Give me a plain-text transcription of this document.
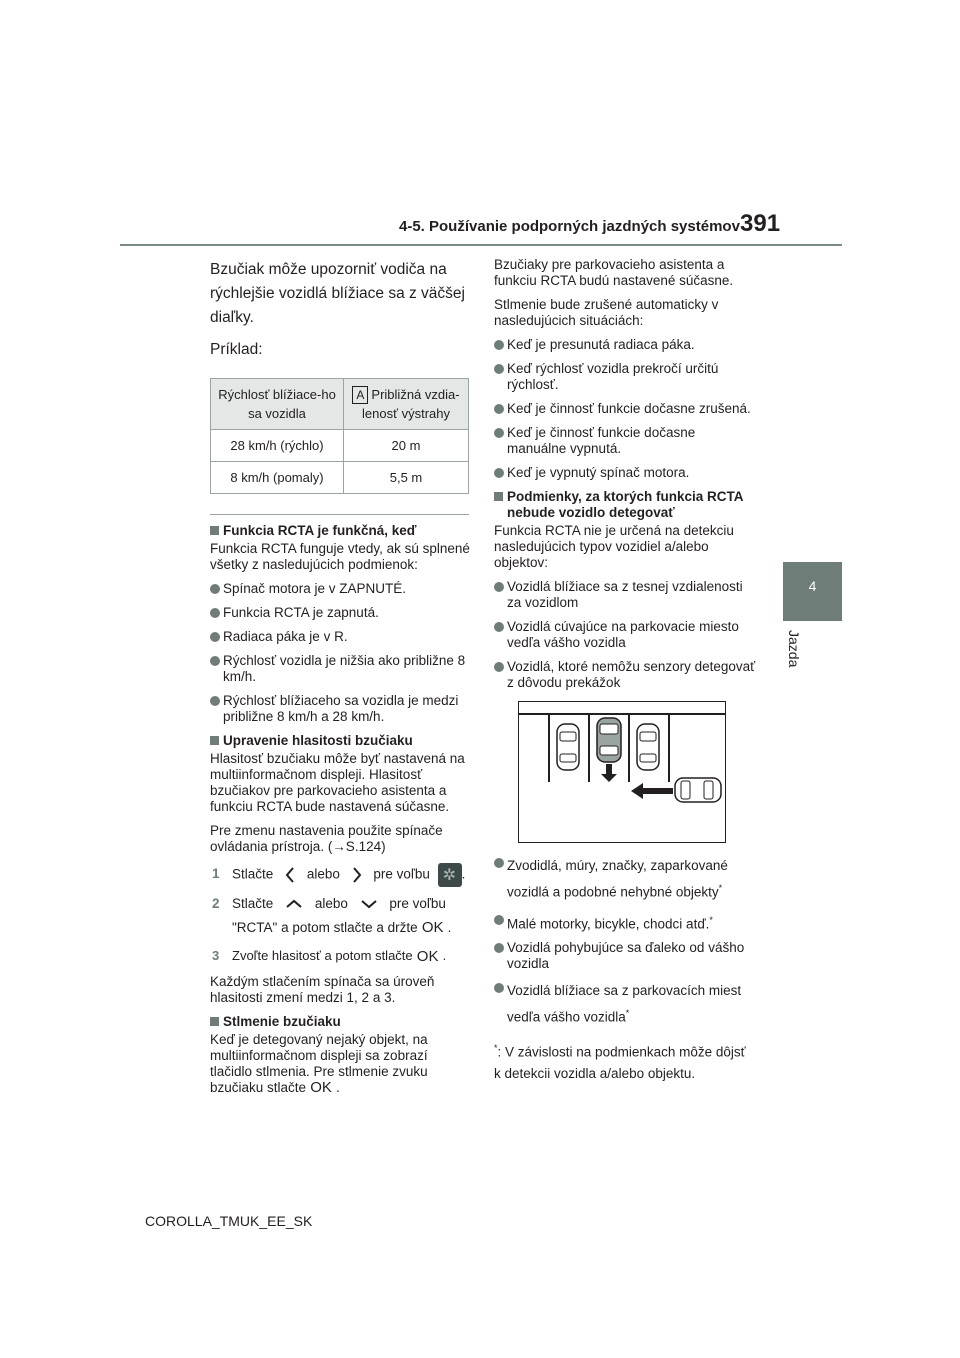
4-5. Používanie podporných jazdných systémov 391
4
Jazda

Bzučiak môže upozorniť vodiča na rýchlejšie vozidlá blížiace sa z väčšej diaľky.

Príklad:

Rýchlosť blížiace-ho sa vozidla	A Približná vzdia-lenosť výstrahy
28 km/h (rýchlo)	20 m
8 km/h (pomaly)	5,5 m

Funkcia RCTA je funkčná, keď

Funkcia RCTA funguje vtedy, ak sú splnené všetky z nasledujúcich podmienok:

Spínač motora je v ZAPNUTÉ.

Funkcia RCTA je zapnutá.

Radiaca páka je v R.

Rýchlosť vozidla je nižšia ako približne 8 km/h.

Rýchlosť blížiaceho sa vozidla je medzi približne 8 km/h a 28 km/h.

Upravenie hlasitosti bzučiaku

Hlasitosť bzučiaku môže byť nastavená na multiinformačnom displeji. Hlasitosť bzučiakov pre parkovacieho asistenta a funkciu RCTA bude nastavená súčasne.

Pre zmenu nastavenia použite spínače ovládania prístroja. (→S.124)

1 Stlačte alebo pre voľbu ✲ .
2 Stlačte	alebo	pre voľbu
"RCTA" a potom stlačte a držte OK .
3 Zvoľte hlasitosť a potom stlačte OK .

Každým stlačením spínača sa úroveň hlasitosti zmení medzi 1, 2 a 3.

Stlmenie bzučiaku

Keď je detegovaný nejaký objekt, na multiinformačnom displeji sa zobrazí tlačidlo stlmenia. Pre stlmenie zvuku bzučiaku stlačte OK .

Bzučiaky pre parkovacieho asistenta a funkciu RCTA budú nastavené súčasne.

Stlmenie bude zrušené automaticky v nasledujúcich situáciách:

Keď je presunutá radiaca páka.

Keď rýchlosť vozidla prekročí určitú rýchlosť.

Keď je činnosť funkcie dočasne zrušená.

Keď je činnosť funkcie dočasne manuálne vypnutá.

Keď je vypnutý spínač motora.

Podmienky, za ktorých funkcia RCTA nebude vozidlo detegovať

Funkcia RCTA nie je určená na detekciu nasledujúcich typov vozidiel a/alebo objektov:

Vozidlá blížiace sa z tesnej vzdialenosti za vozidlom

Vozidlá cúvajúce na parkovacie miesto vedľa vášho vozidla

Vozidlá, ktoré nemôžu senzory detegovať z dôvodu prekážok

Zvodidlá, múry, značky, zaparkované vozidlá a podobné nehybné objekty*

Malé motorky, bicykle, chodci atď.*

Vozidlá pohybujúce sa ďaleko od vášho vozidla

Vozidlá blížiace sa z parkovacích miest vedľa vášho vozidla*

*: V závislosti na podmienkach môže dôjsť k detekcii vozidla a/alebo objektu.

COROLLA_TMUK_EE_SK
